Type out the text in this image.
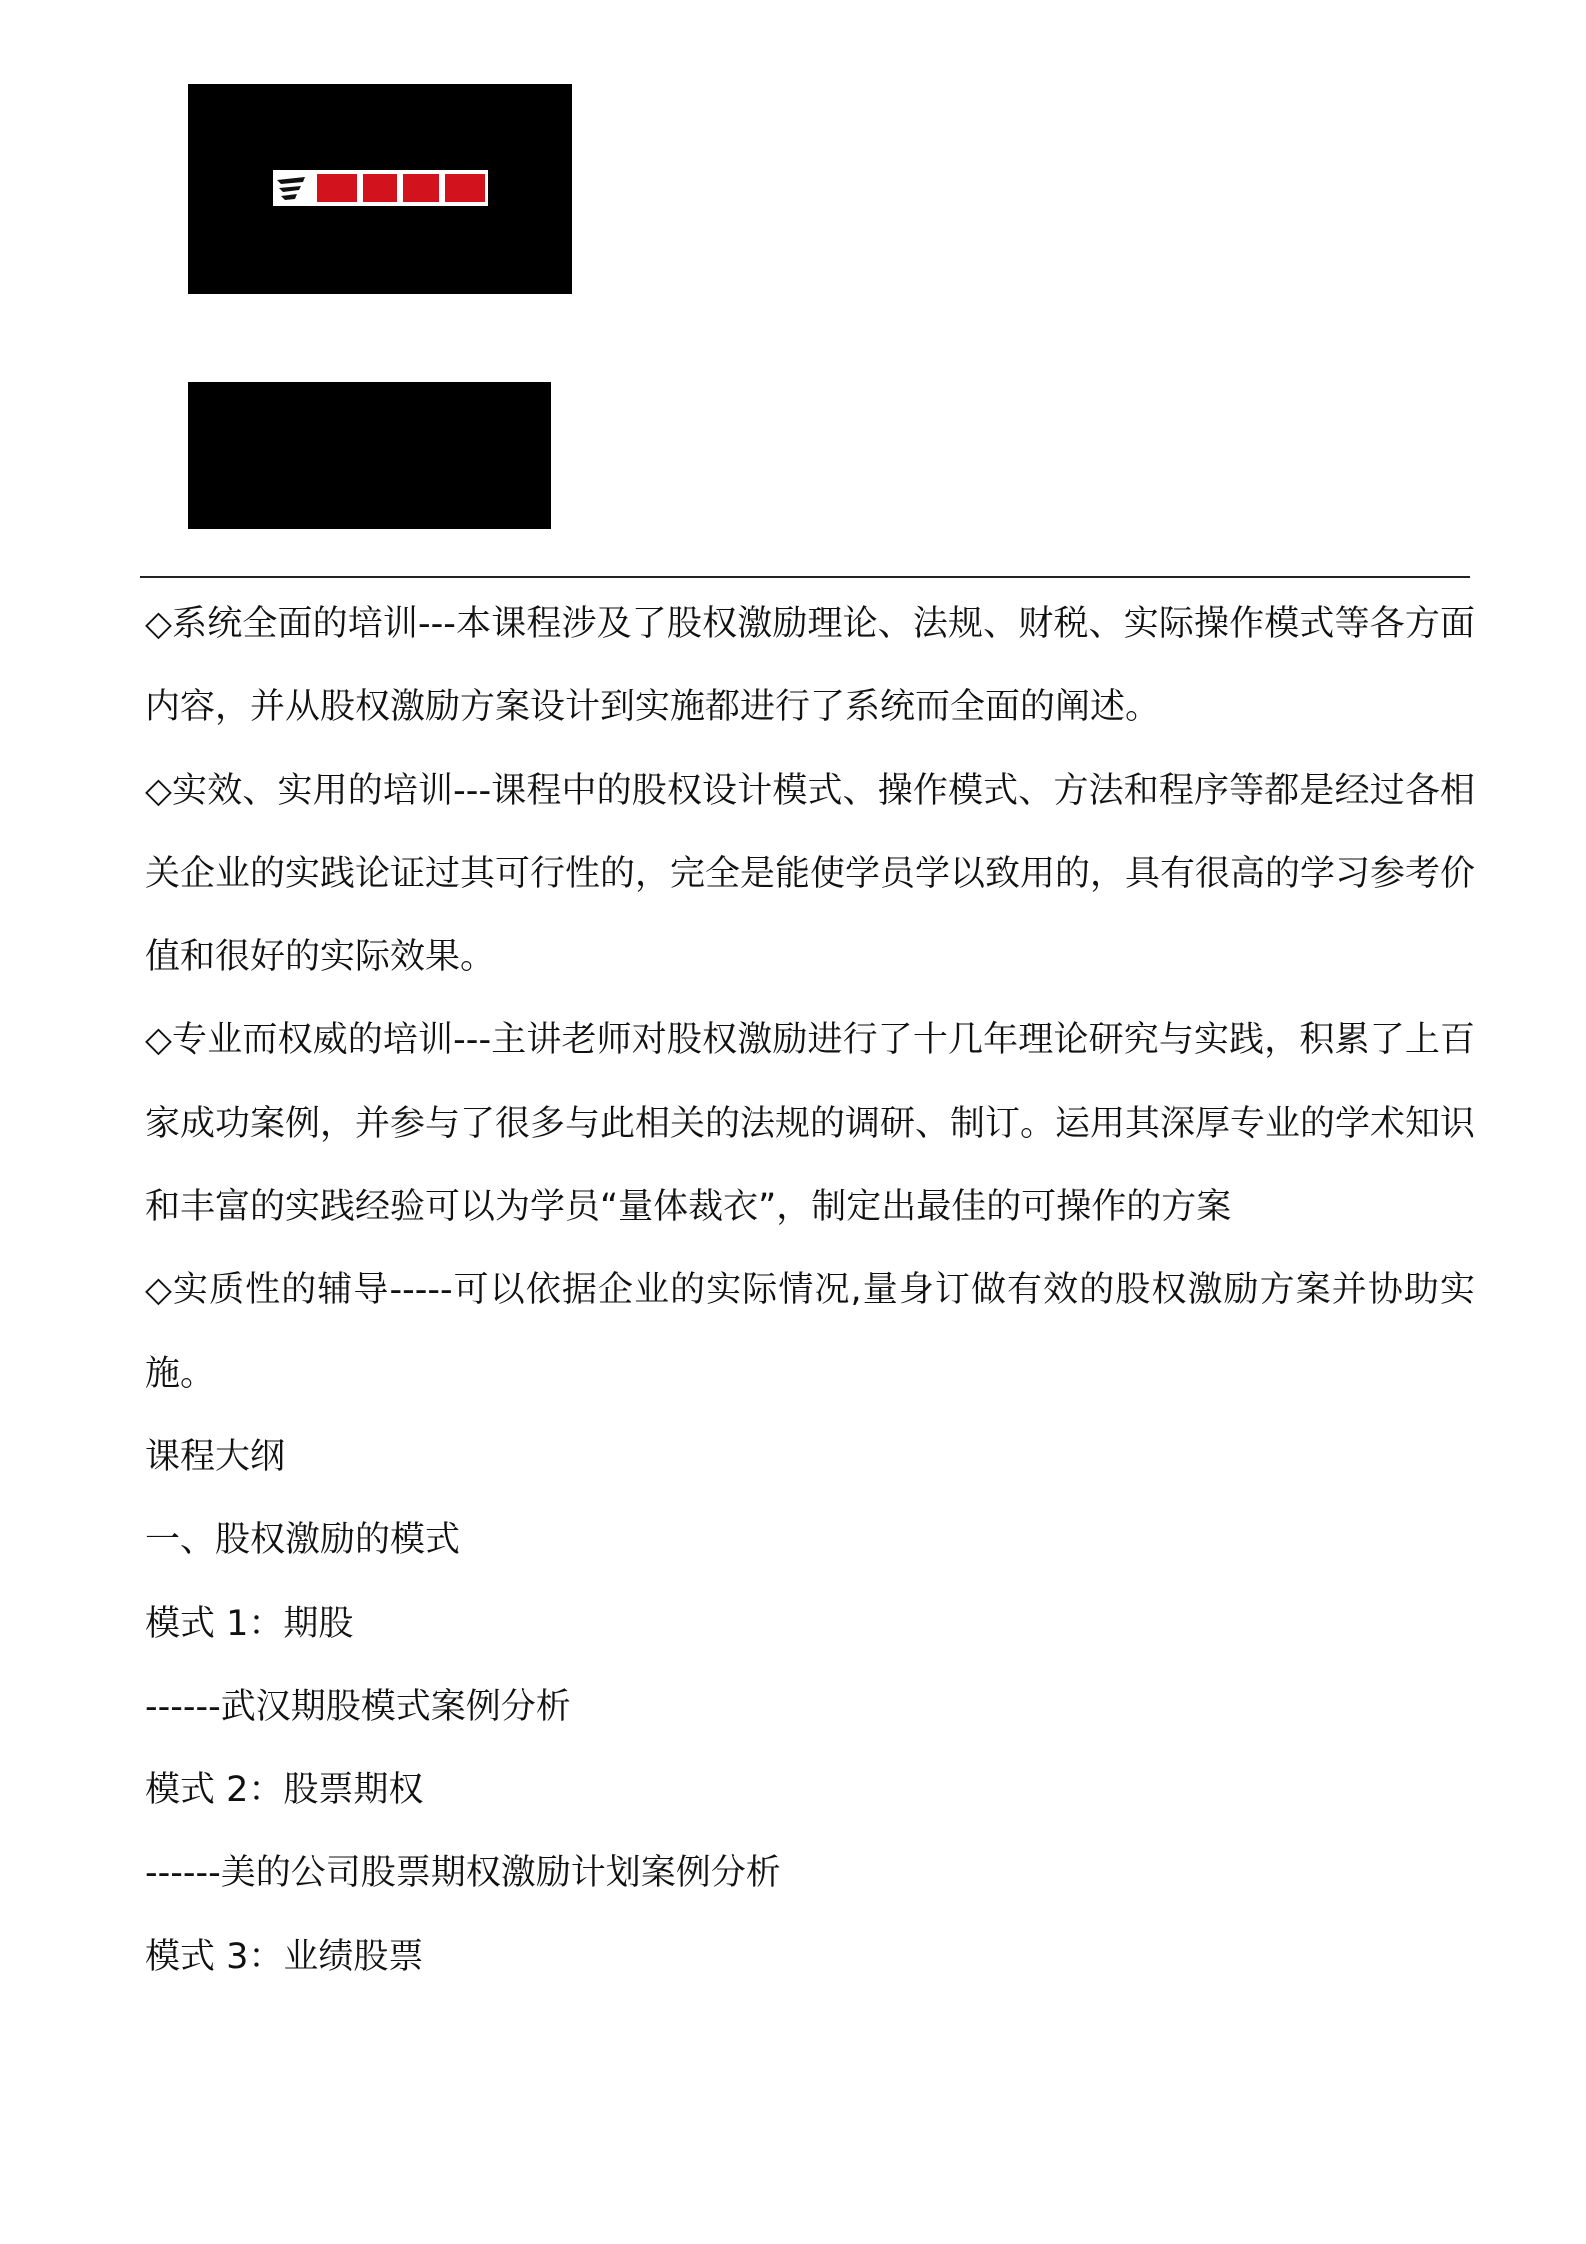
◇系统全面的培训---本课程涉及了股权激励理论、法规、财税、实际操作模式等各方面内容，并从股权激励方案设计到实施都进行了系统而全面的阐述。

◇实效、实用的培训---课程中的股权设计模式、操作模式、方法和程序等都是经过各相关企业的实践论证过其可行性的，完全是能使学员学以致用的，具有很高的学习参考价值和很好的实际效果。

◇专业而权威的培训---主讲老师对股权激励进行了十几年理论研究与实践，积累了上百家成功案例，并参与了很多与此相关的法规的调研、制订。运用其深厚专业的学术知识和丰富的实践经验可以为学员“量体裁衣”，制定出最佳的可操作的方案

◇实质性的辅导-----可以依据企业的实际情况,量身订做有效的股权激励方案并协助实施。

课程大纲

一、股权激励的模式

模式 1：期股

------武汉期股模式案例分析

模式 2：股票期权

------美的公司股票期权激励计划案例分析

模式 3：业绩股票
